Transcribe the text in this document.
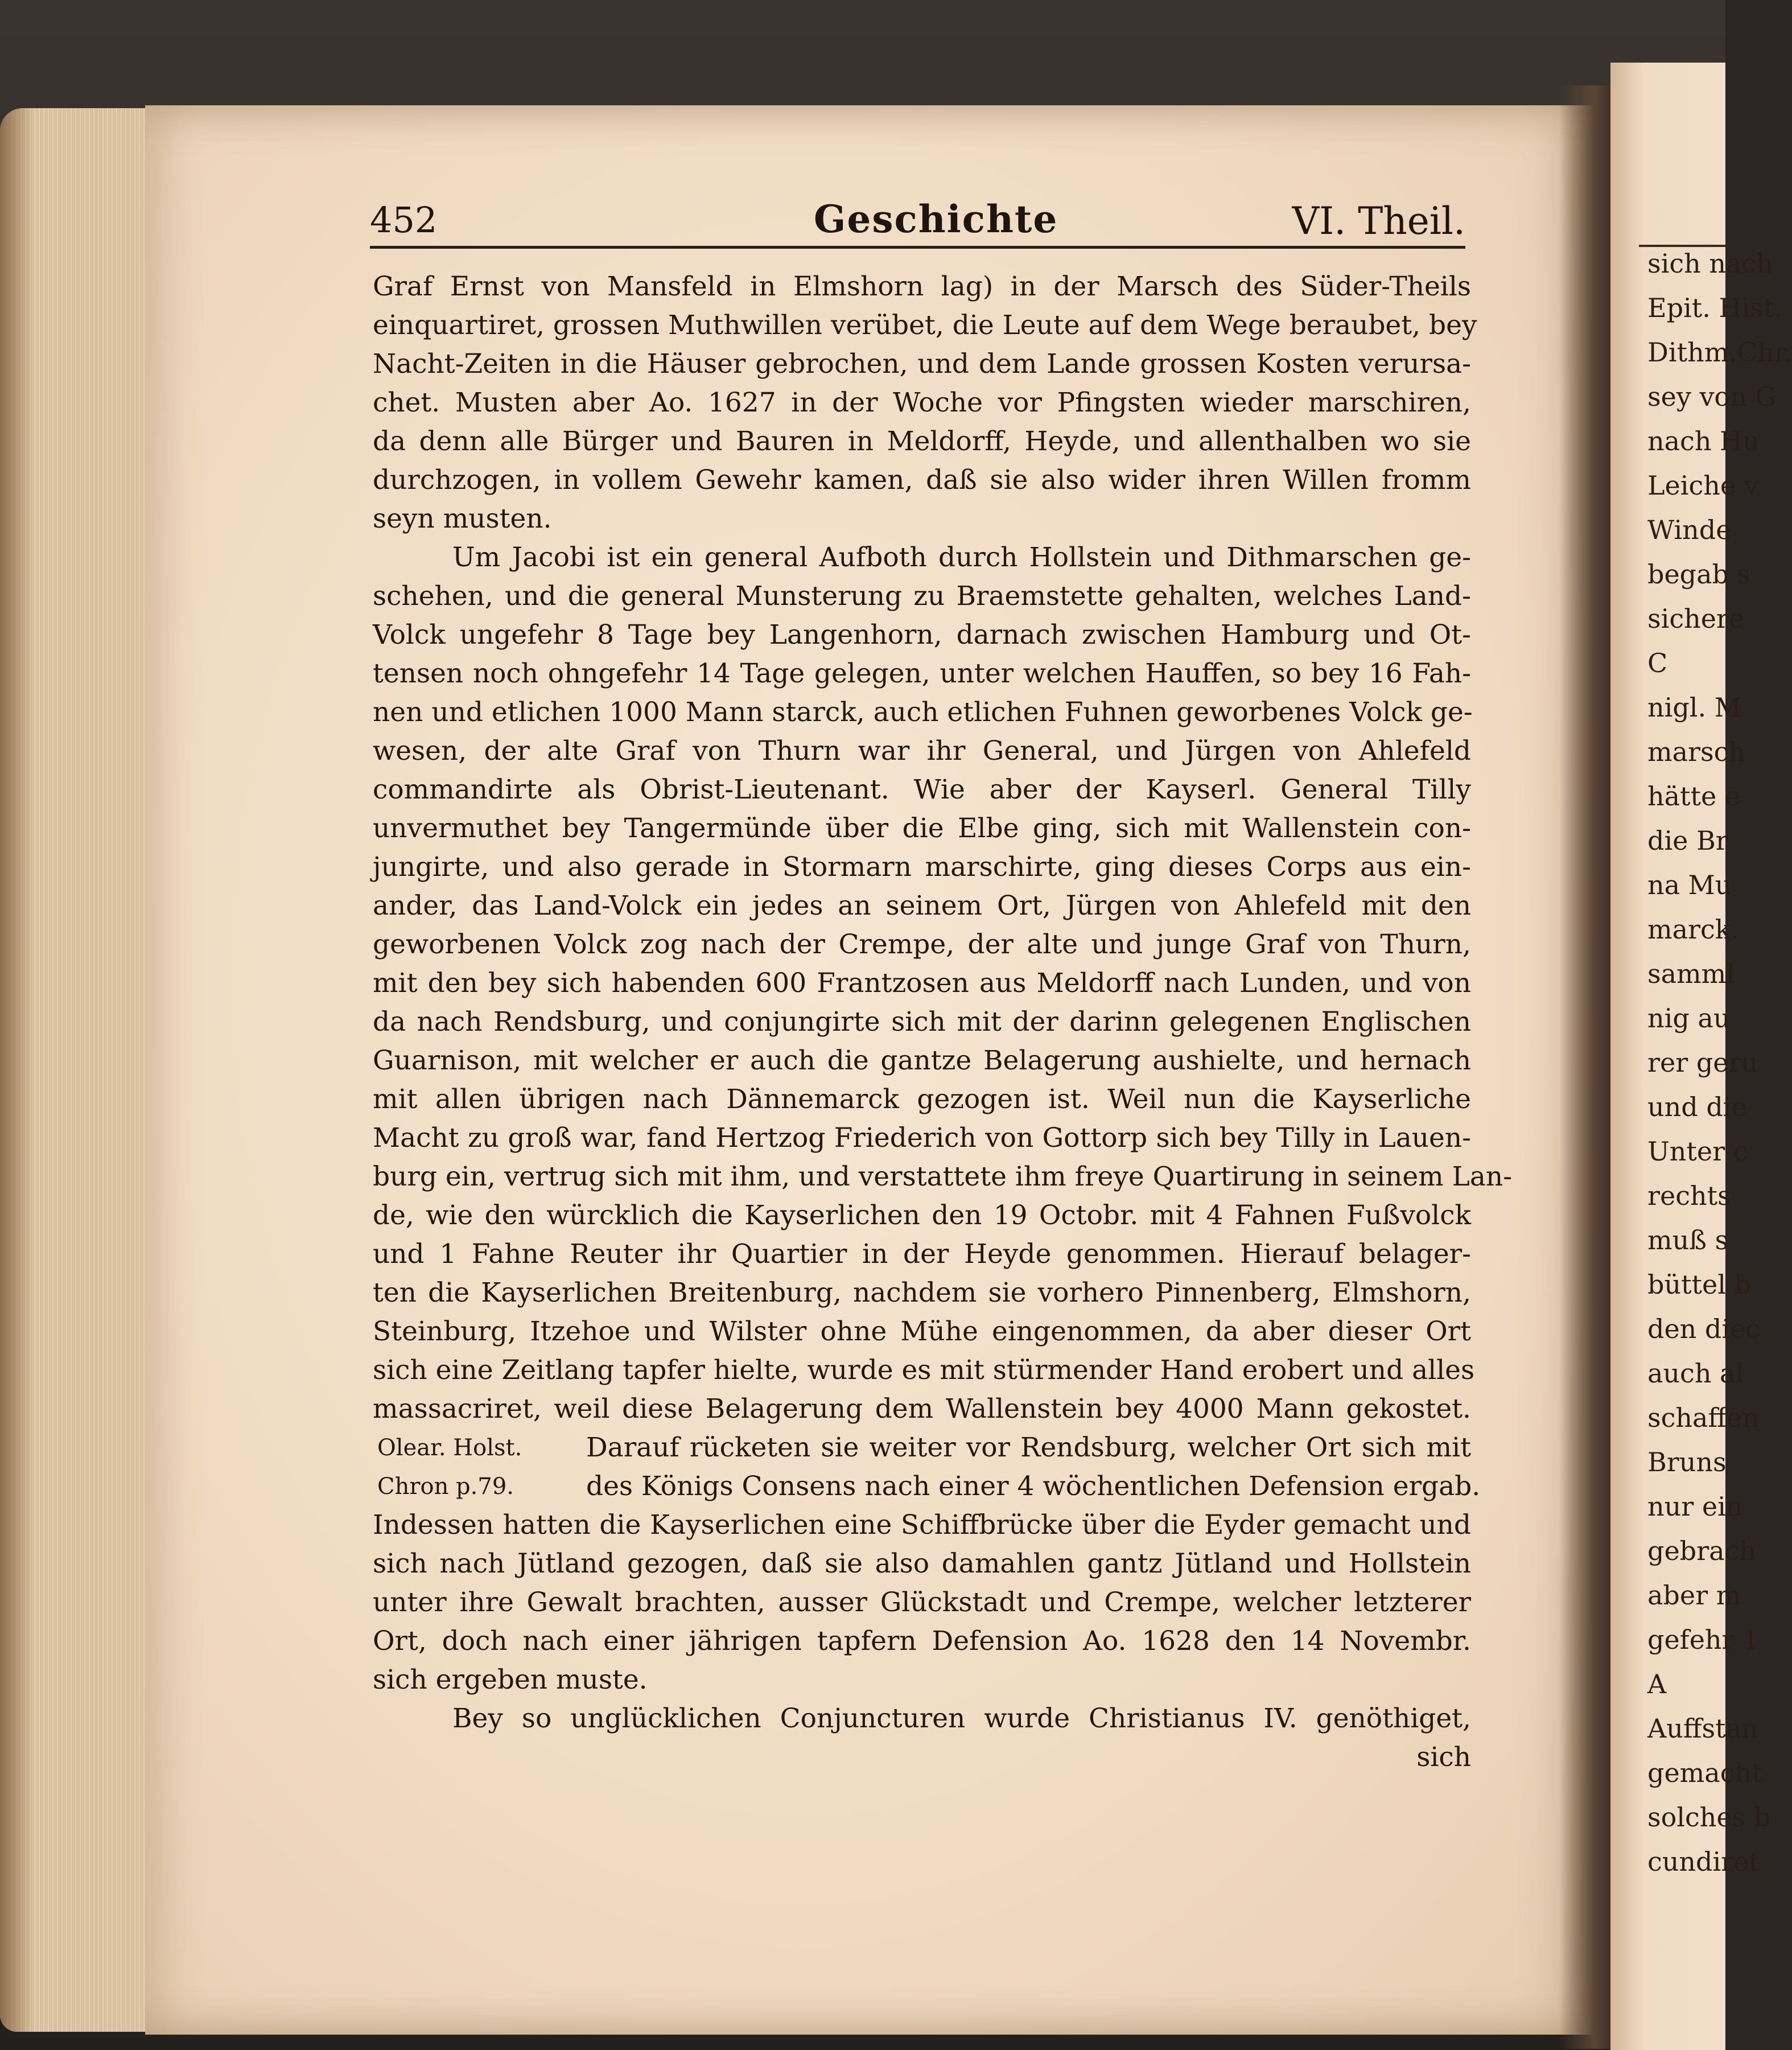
sich nach
Epit. Hist.
Dithm.Chr.
sey von G
nach Hu
Leiche v
Winde
begab s
sichere
C
nigl. M
marsch
hätte e
die Br
na Mu
marck.
samml
nig au
rer geru
und die
Unter c
rechts
muß s
büttel b
den diec
auch al
schaffen
Bruns
nur ein
gebrach
aber m
gefehr 1
A
Auffstan
gemacht
solches b
cundiret
452	Geschichte	VI. Theil.
Graf Ernst von Mansfeld in Elmshorn lag) in der Marsch des Süder-Theils
einquartiret, grossen Muthwillen verübet, die Leute auf dem Wege beraubet, bey
Nacht-Zeiten in die Häuser gebrochen, und dem Lande grossen Kosten verursa-
chet. Musten aber Ao. 1627 in der Woche vor Pfingsten wieder marschiren,
da denn alle Bürger und Bauren in Meldorff, Heyde, und allenthalben wo sie
durchzogen, in vollem Gewehr kamen, daß sie also wider ihren Willen fromm
seyn musten.
Um Jacobi ist ein general Aufboth durch Hollstein und Dithmarschen ge-
schehen, und die general Munsterung zu Braemstette gehalten, welches Land-
Volck ungefehr 8 Tage bey Langenhorn, darnach zwischen Hamburg und Ot-
tensen noch ohngefehr 14 Tage gelegen, unter welchen Hauffen, so bey 16 Fah-
nen und etlichen 1000 Mann starck, auch etlichen Fuhnen geworbenes Volck ge-
wesen, der alte Graf von Thurn war ihr General, und Jürgen von Ahlefeld
commandirte als Obrist-Lieutenant. Wie aber der Kayserl. General Tilly
unvermuthet bey Tangermünde über die Elbe ging, sich mit Wallenstein con-
jungirte, und also gerade in Stormarn marschirte, ging dieses Corps aus ein-
ander, das Land-Volck ein jedes an seinem Ort, Jürgen von Ahlefeld mit den
geworbenen Volck zog nach der Crempe, der alte und junge Graf von Thurn,
mit den bey sich habenden 600 Frantzosen aus Meldorff nach Lunden, und von
da nach Rendsburg, und conjungirte sich mit der darinn gelegenen Englischen
Guarnison, mit welcher er auch die gantze Belagerung aushielte, und hernach
mit allen übrigen nach Dännemarck gezogen ist. Weil nun die Kayserliche
Macht zu groß war, fand Hertzog Friederich von Gottorp sich bey Tilly in Lauen-
burg ein, vertrug sich mit ihm, und verstattete ihm freye Quartirung in seinem Lan-
de, wie den würcklich die Kayserlichen den 19 Octobr. mit 4 Fahnen Fußvolck
und 1 Fahne Reuter ihr Quartier in der Heyde genommen. Hierauf belager-
ten die Kayserlichen Breitenburg, nachdem sie vorhero Pinnenberg, Elmshorn,
Steinburg, Itzehoe und Wilster ohne Mühe eingenommen, da aber dieser Ort
sich eine Zeitlang tapfer hielte, wurde es mit stürmender Hand erobert und alles
massacriret, weil diese Belagerung dem Wallenstein bey 4000 Mann gekostet.
Darauf rücketen sie weiter vor Rendsburg, welcher Ort sich mit
des Königs Consens nach einer 4 wöchentlichen Defension ergab.
Indessen hatten die Kayserlichen eine Schiffbrücke über die Eyder gemacht und
sich nach Jütland gezogen, daß sie also damahlen gantz Jütland und Hollstein
unter ihre Gewalt brachten, ausser Glückstadt und Crempe, welcher letzterer
Ort, doch nach einer jährigen tapfern Defension Ao. 1628 den 14 Novembr.
sich ergeben muste.
Bey so unglücklichen Conjuncturen wurde Christianus IV. genöthiget,
sich
Olear. Holst.
Chron p.79.
